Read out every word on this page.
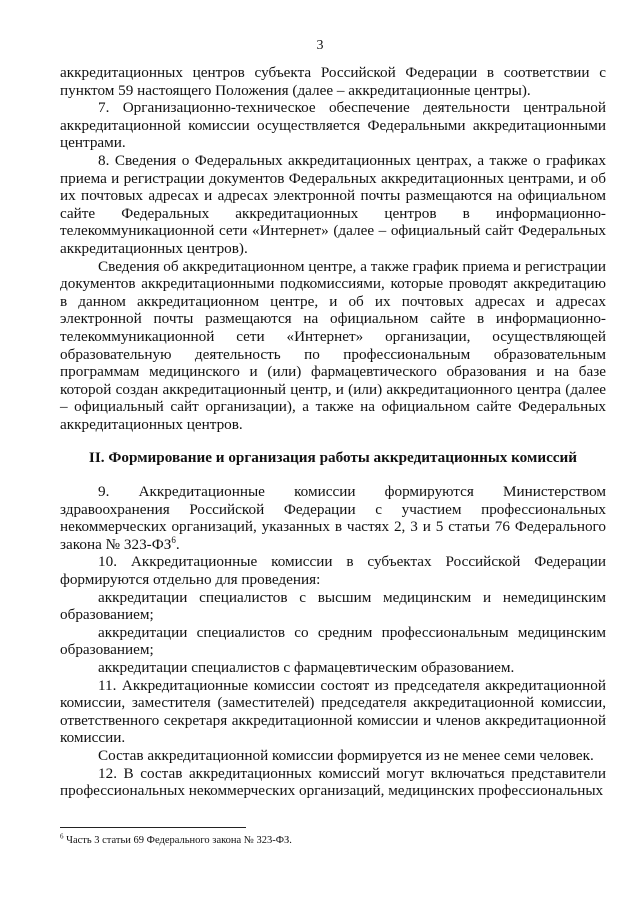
3

аккредитационных центров субъекта Российской Федерации в соответствии с пунктом 59 настоящего Положения (далее – аккредитационные центры).

7. Организационно-техническое обеспечение деятельности центральной аккредитационной комиссии осуществляется Федеральными аккредитационными центрами.

8. Сведения о Федеральных аккредитационных центрах, а также о графиках приема и регистрации документов Федеральных аккредитационных центрами, и об их почтовых адресах и адресах электронной почты размещаются на официальном сайте Федеральных аккредитационных центров в информационно-телекоммуникационной сети «Интернет» (далее – официальный сайт Федеральных аккредитационных центров).

Сведения об аккредитационном центре, а также график приема и регистрации документов аккредитационными подкомиссиями, которые проводят аккредитацию в данном аккредитационном центре, и об их почтовых адресах и адресах электронной почты размещаются на официальном сайте в информационно-телекоммуникационной сети «Интернет» организации, осуществляющей образовательную деятельность по профессиональным образовательным программам медицинского и (или) фармацевтического образования и на базе которой создан аккредитационный центр, и (или) аккредитационного центра (далее – официальный сайт организации), а также на официальном сайте Федеральных аккредитационных центров.

II. Формирование и организация работы аккредитационных комиссий

9. Аккредитационные комиссии формируются Министерством здравоохранения Российской Федерации с участием профессиональных некоммерческих организаций, указанных в частях 2, 3 и 5 статьи 76 Федерального закона № $323-ФЗ^6$.

10. Аккредитационные комиссии в субъектах Российской Федерации формируются отдельно для проведения:

аккредитации специалистов с высшим медицинским и немедицинским образованием;

аккредитации специалистов со средним профессиональным медицинским образованием;

аккредитации специалистов с фармацевтическим образованием.

11. Аккредитационные комиссии состоят из председателя аккредитационной комиссии, заместителя (заместителей) председателя аккредитационной комиссии, ответственного секретаря аккредитационной комиссии и членов аккредитационной комиссии.

Состав аккредитационной комиссии формируется из не менее семи человек.

12. В состав аккредитационных комиссий могут включаться представители профессиональных некоммерческих организаций, медицинских профессиональных

$^6$ Часть 3 статьи 69 Федерального закона № 323-ФЗ.
